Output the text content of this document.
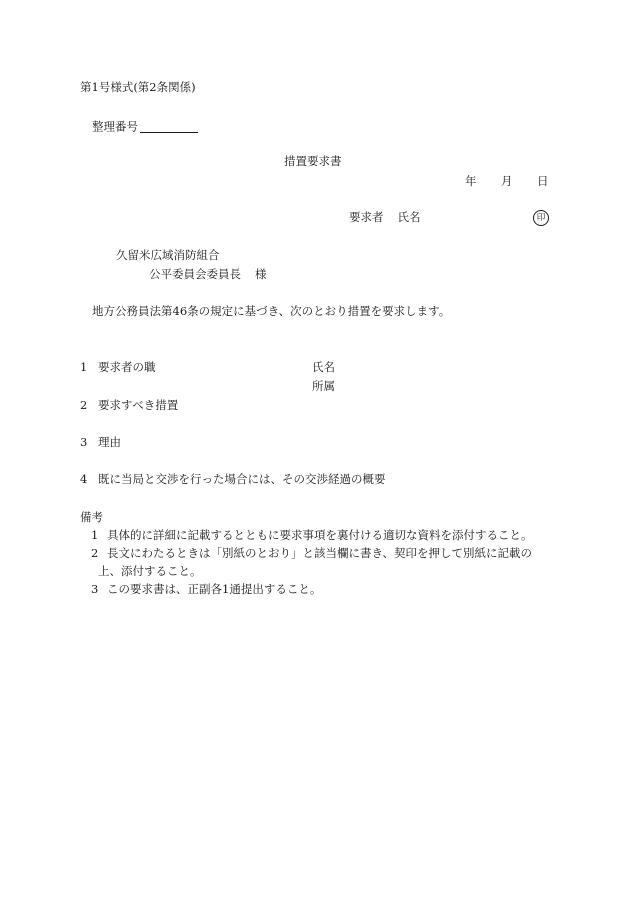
第1号様式(第2条関係)
整理番号
措置要求書
年 月 日
要求者 氏名	印
久留米広域消防組合
公平委員会委員長 様
地方公務員法第46条の規定に基づき、次のとおり措置を要求します。
1 要求者の職	氏名
所属
2 要求すべき措置
3 理由
4 既に当局と交渉を行った場合には、その交渉経過の概要
備考
1 具体的に詳細に記載するとともに要求事項を裏付ける適切な資料を添付すること。
2 長文にわたるときは「別紙のとおり」と該当欄に書き、契印を押して別紙に記載の
上、添付すること。
3 この要求書は、正副各1通提出すること。
